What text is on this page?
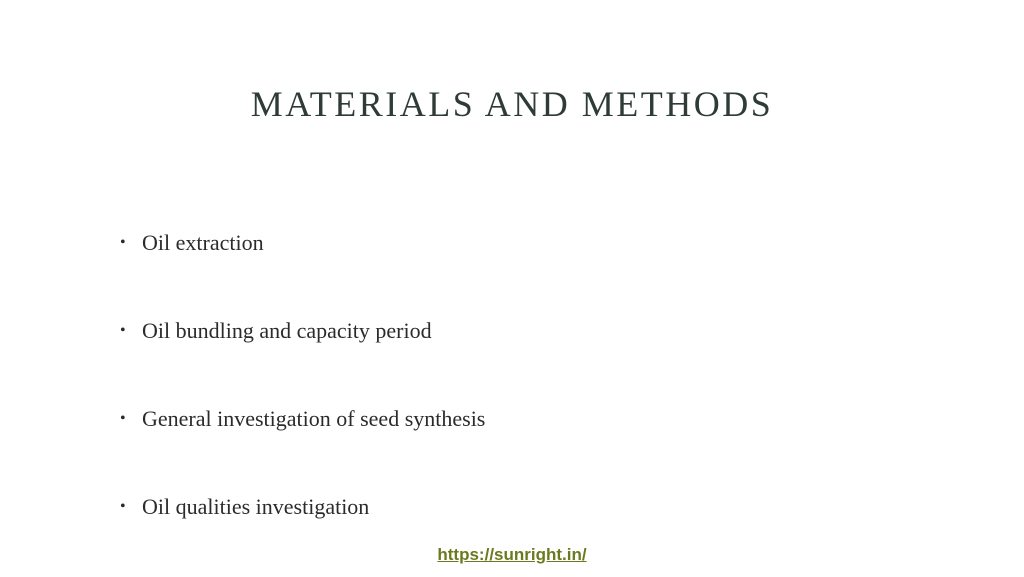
MATERIALS AND METHODS
• Oil extraction
• Oil bundling and capacity period
• General investigation of seed synthesis
• Oil qualities investigation
https://sunright.in/
